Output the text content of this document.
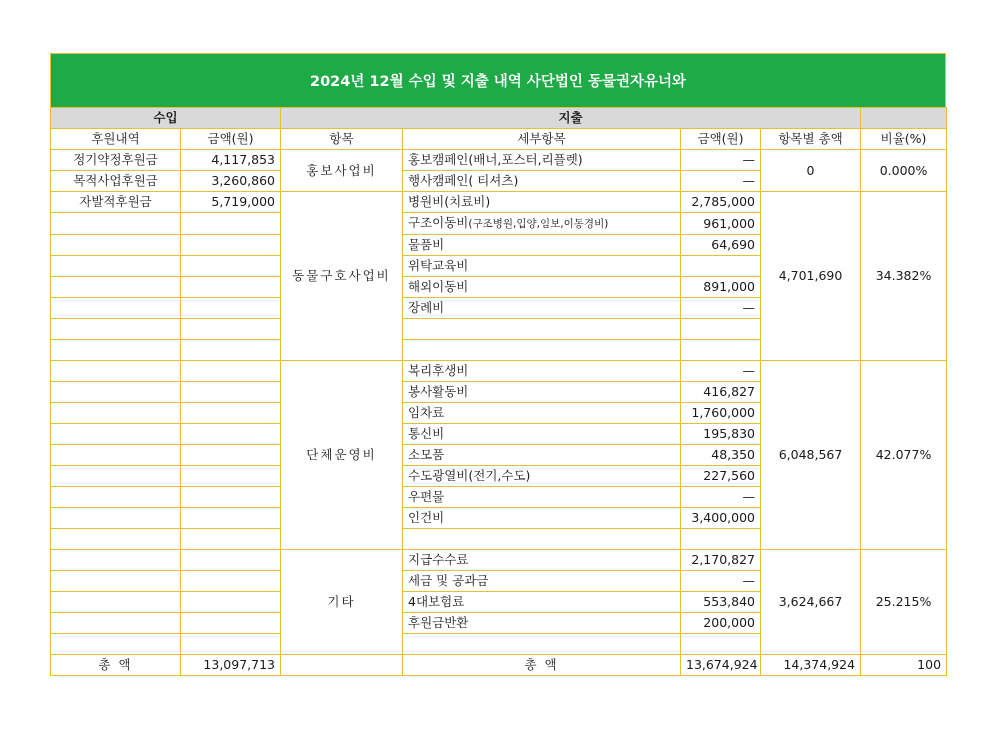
2024년 12월 수입 및 지출 내역 사단법인 동물권자유너와
수입		지출				
후원내역	금액(원)	항목	세부항목	금액(원)	항목별 총액	비율(%)
정기약정후원금	4,117,853	홍보사업비	홍보캠페인(배너,포스터,리플렛)	—	0	0.000%
목적사업후원금	3,260,860		행사캠페인( 티셔츠)	—		
자발적후원금	5,719,000	동물구호사업비	병원비(치료비)	2,785,000	4,701,690	34.382%
			구조이동비(구조병원,입양,임보,이동경비)	961,000		
			물품비	64,690		
			위탁교육비			
			해외이동비	891,000		
			장례비	—		

		단체운영비	복리후생비	—	6,048,567	42.077%
			봉사활동비	416,827		
			임차료	1,760,000		
			통신비	195,830		
			소모품	48,350		
			수도광열비(전기,수도)	227,560		
			우편물	—		
			인건비	3,400,000		

		기타	지급수수료	2,170,827	3,624,667	25.215%
			세금 및 공과금	—		
			4대보험료	553,840		
			후원금반환	200,000		

총 액	13,097,713		총 액	13,674,924	14,374,924	100
